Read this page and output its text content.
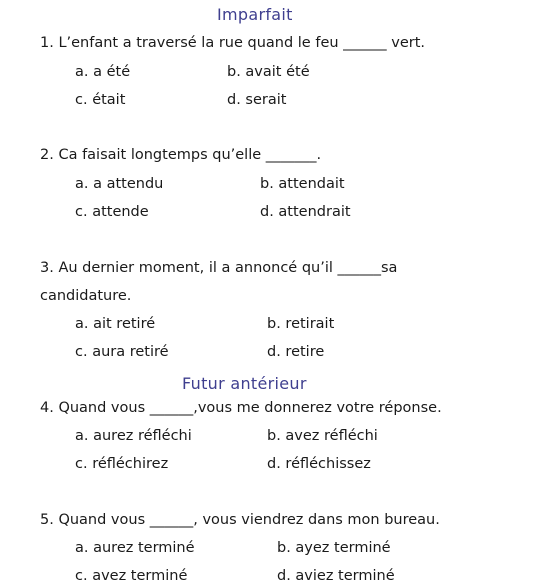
Imparfait
1. L’enfant a traversé la rue quand le feu ______ vert.
a. a été	b. avait été
c. était	d. serait
2. Ca faisait longtemps qu’elle _______.
a. a attendu	b. attendait
c. attende	d. attendrait
3. Au dernier moment, il a annoncé qu’il ______sa
candidature.
a. ait retiré	b. retirait
c. aura retiré	d. retire
Futur antérieur
4. Quand vous ______,vous me donnerez votre réponse.
a. aurez réfléchi	b. avez réfléchi
c. réfléchirez	d. réfléchissez
5. Quand vous ______, vous viendrez dans mon bureau.
a. aurez terminé	b. ayez terminé
c. avez terminé	d. aviez terminé
